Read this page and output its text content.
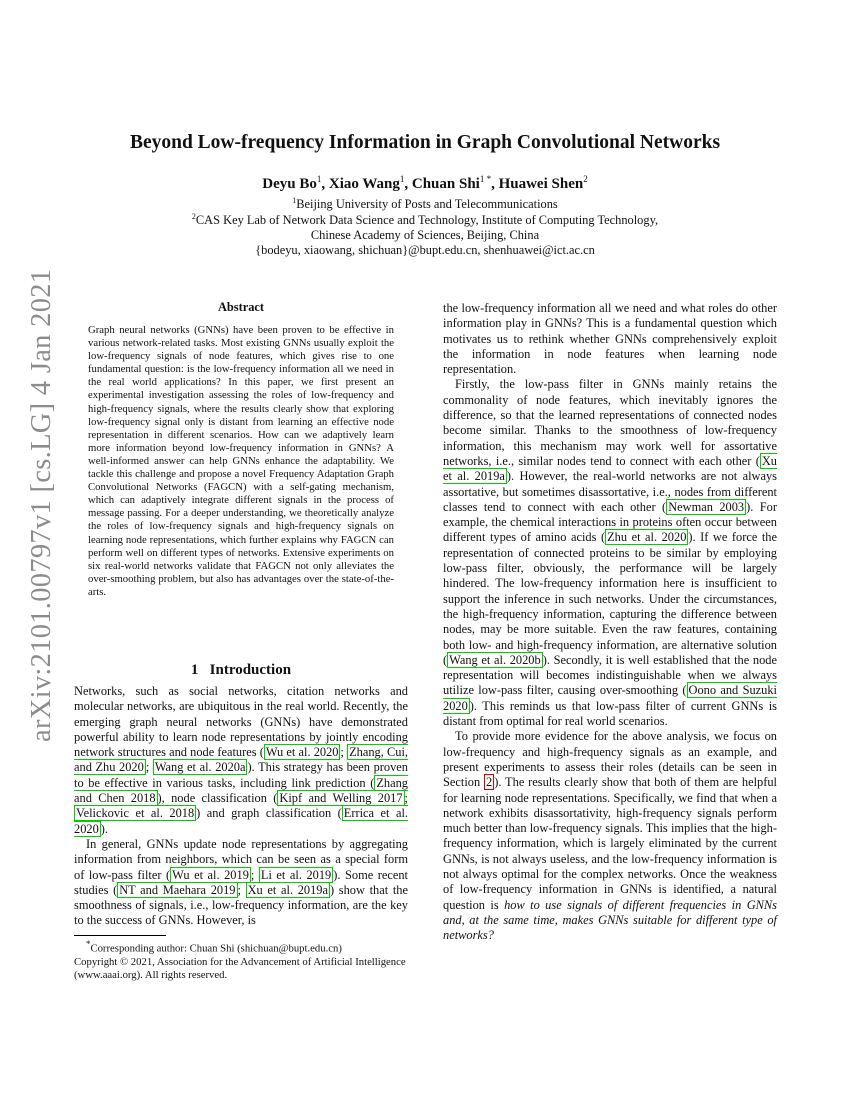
arXiv:2101.00797v1 [cs.LG] 4 Jan 2021
Beyond Low-frequency Information in Graph Convolutional Networks
Deyu Bo$^1$, Xiao Wang$^1$, Chuan Shi$^{1 *}$, Huawei Shen$^2$
$^1$Beijing University of Posts and Telecommunications
$^2$CAS Key Lab of Network Data Science and Technology, Institute of Computing Technology,
Chinese Academy of Sciences, Beijing, China
{bodeyu, xiaowang, shichuan}@bupt.edu.cn, shenhuawei@ict.ac.cn
Abstract
Graph neural networks (GNNs) have been proven to be effective in various network-related tasks. Most existing GNNs usually exploit the low-frequency signals of node features, which gives rise to one fundamental question: is the low-frequency information all we need in the real world applications? In this paper, we first present an experimental investigation assessing the roles of low-frequency and high-frequency signals, where the results clearly show that exploring low-frequency signal only is distant from learning an effective node representation in different scenarios. How can we adaptively learn more information beyond low-frequency information in GNNs? A well-informed answer can help GNNs enhance the adaptability. We tackle this challenge and propose a novel Frequency Adaptation Graph Convolutional Networks (FAGCN) with a self-gating mechanism, which can adaptively integrate different signals in the process of message passing. For a deeper understanding, we theoretically analyze the roles of low-frequency signals and high-frequency signals on learning node representations, which further explains why FAGCN can perform well on different types of networks. Extensive experiments on six real-world networks validate that FAGCN not only alleviates the over-smoothing problem, but also has advantages over the state-of-the-arts.
1 Introduction

Networks, such as social networks, citation networks and molecular networks, are ubiquitous in the real world. Recently, the emerging graph neural networks (GNNs) have demonstrated powerful ability to learn node representations by jointly encoding network structures and node features ( Wu et al. 2020 ; Zhang, Cui, and Zhu 2020 ; Wang et al. 2020a ). This strategy has been proven to be effective in various tasks, including link prediction ( Zhang and Chen 2018 ), node classification ( Kipf and Welling 2017 ; Velickovic et al. 2018 ) and graph classification ( Errica et al. 2020 ).

In general, GNNs update node representations by aggregating information from neighbors, which can be seen as a special form of low-pass filter ( Wu et al. 2019 ; Li et al. 2019 ). Some recent studies ( NT and Maehara 2019 ; Xu et al. 2019a ) show that the smoothness of signals, i.e., low-frequency information, are the key to the success of GNNs. However, is

*Corresponding author: Chuan Shi (shichuan@bupt.edu.cn)
Copyright © 2021, Association for the Advancement of Artificial Intelligence (www.aaai.org). All rights reserved.

the low-frequency information all we need and what roles do other information play in GNNs? This is a fundamental question which motivates us to rethink whether GNNs comprehensively exploit the information in node features when learning node representation.

Firstly, the low-pass filter in GNNs mainly retains the commonality of node features, which inevitably ignores the difference, so that the learned representations of connected nodes become similar. Thanks to the smoothness of low-frequency information, this mechanism may work well for assortative networks, i.e., similar nodes tend to connect with each other ( Xu et al. 2019a ). However, the real-world networks are not always assortative, but sometimes disassortative, i.e., nodes from different classes tend to connect with each other ( Newman 2003 ). For example, the chemical interactions in proteins often occur between different types of amino acids ( Zhu et al. 2020 ). If we force the representation of connected proteins to be similar by employing low-pass filter, obviously, the performance will be largely hindered. The low-frequency information here is insufficient to support the inference in such networks. Under the circumstances, the high-frequency information, capturing the difference between nodes, may be more suitable. Even the raw features, containing both low- and high-frequency information, are alternative solution ( Wang et al. 2020b ). Secondly, it is well established that the node representation will becomes indistinguishable when we always utilize low-pass filter, causing over-smoothing ( Oono and Suzuki 2020 ). This reminds us that low-pass filter of current GNNs is distant from optimal for real world scenarios.

To provide more evidence for the above analysis, we focus on low-frequency and high-frequency signals as an example, and present experiments to assess their roles (details can be seen in Section 2 ). The results clearly show that both of them are helpful for learning node representations. Specifically, we find that when a network exhibits disassortativity, high-frequency signals perform much better than low-frequency signals. This implies that the high-frequency information, which is largely eliminated by the current GNNs, is not always useless, and the low-frequency information is not always optimal for the complex networks. Once the weakness of low-frequency information in GNNs is identified, a natural question is how to use signals of different frequencies in GNNs and, at the same time, makes GNNs suitable for different type of networks?
